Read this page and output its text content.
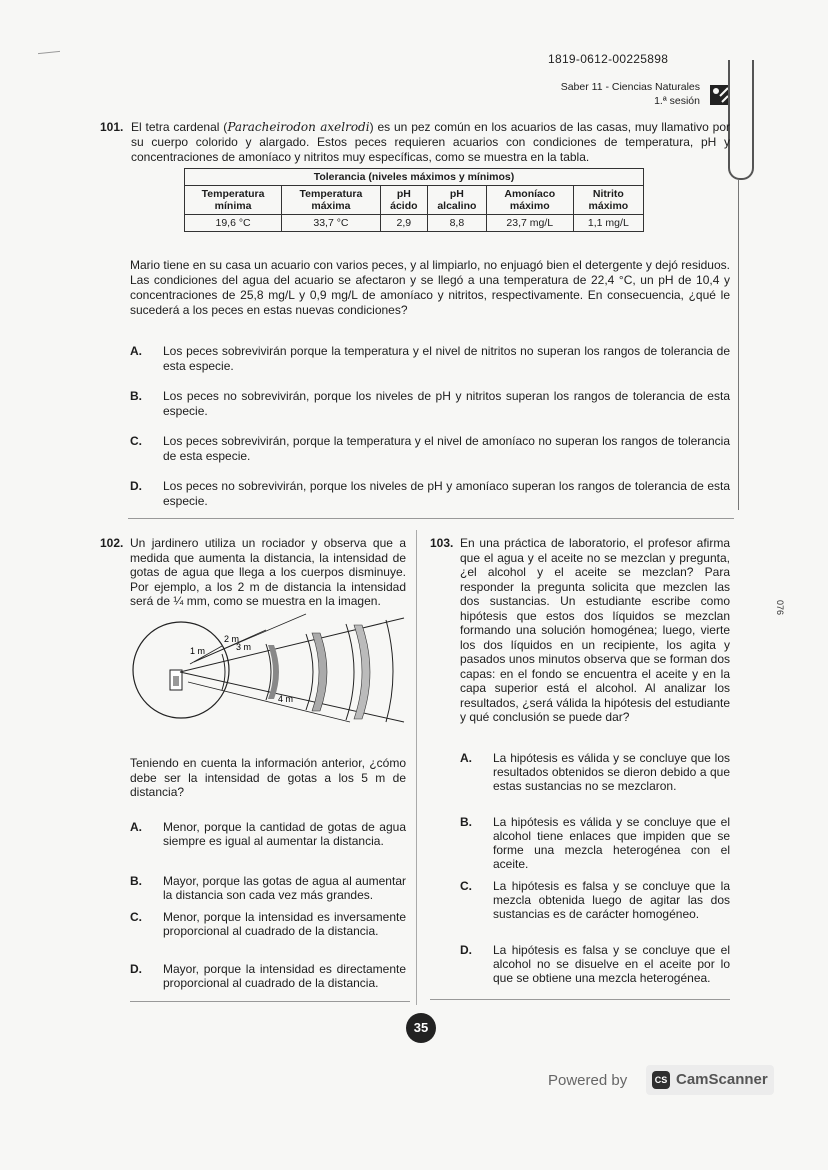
1819-0612-00225898
Saber 11 - Ciencias Naturales
1.ª sesión
101. El tetra cardenal (Paracheirodon axelrodi) es un pez común en los acuarios de las casas, muy llamativo por su cuerpo colorido y alargado. Estos peces requieren acuarios con condiciones de temperatura, pH y concentraciones de amoníaco y nitritos muy específicas, como se muestra en la tabla.
Tolerancia (niveles máximos y mínimos)					
Temperatura mínima	Temperatura máxima	pH ácido	pH alcalino	Amoníaco máximo	Nitrito máximo
19,6 °C	33,7 °C	2,9	8,8	23,7 mg/L	1,1 mg/L
Mario tiene en su casa un acuario con varios peces, y al limpiarlo, no enjuagó bien el detergente y dejó residuos. Las condiciones del agua del acuario se afectaron y se llegó a una temperatura de 22,4 °C, un pH de 10,4 y concentraciones de 25,8 mg/L y 0,9 mg/L de amoníaco y nitritos, respectivamente. En consecuencia, ¿qué le sucederá a los peces en estas nuevas condiciones?
A. Los peces sobrevivirán porque la temperatura y el nivel de nitritos no superan los rangos de tolerancia de esta especie.
B. Los peces no sobrevivirán, porque los niveles de pH y nitritos superan los rangos de tolerancia de esta especie.
C. Los peces sobrevivirán, porque la temperatura y el nivel de amoníaco no superan los rangos de tolerancia de esta especie.
D. Los peces no sobrevivirán, porque los niveles de pH y amoníaco superan los rangos de tolerancia de esta especie.
102. Un jardinero utiliza un rociador y observa que a medida que aumenta la distancia, la intensidad de gotas de agua que llega a los cuerpos disminuye. Por ejemplo, a los 2 m de distancia la intensidad será de ¼ mm, como se muestra en la imagen.
1 m
2 m
3 m
4 m
Teniendo en cuenta la información anterior, ¿cómo debe ser la intensidad de gotas a los 5 m de distancia?
A. Menor, porque la cantidad de gotas de agua siempre es igual al aumentar la distancia.
B. Mayor, porque las gotas de agua al aumentar la distancia son cada vez más grandes.
C. Menor, porque la intensidad es inversamente proporcional al cuadrado de la distancia.
D. Mayor, porque la intensidad es directamente proporcional al cuadrado de la distancia.
103. En una práctica de laboratorio, el profesor afirma que el agua y el aceite no se mezclan y pregunta, ¿el alcohol y el aceite se mezclan? Para responder la pregunta solicita que mezclen las dos sustancias. Un estudiante escribe como hipótesis que estos dos líquidos se mezclan formando una solución homogénea; luego, vierte los dos líquidos en un recipiente, los agita y pasados unos minutos observa que se forman dos capas: en el fondo se encuentra el aceite y en la capa superior está el alcohol. Al analizar los resultados, ¿será válida la hipótesis del estudiante y qué conclusión se puede dar?
A. La hipótesis es válida y se concluye que los resultados obtenidos se dieron debido a que estas sustancias no se mezclaron.
B. La hipótesis es válida y se concluye que el alcohol tiene enlaces que impiden que se forme una mezcla heterogénea con el aceite.
C. La hipótesis es falsa y se concluye que la mezcla obtenida luego de agitar las dos sustancias es de carácter homogéneo.
D. La hipótesis es falsa y se concluye que el alcohol no se disuelve en el aceite por lo que se obtiene una mezcla heterogénea.
35
076
Powered by	CS CamScanner
